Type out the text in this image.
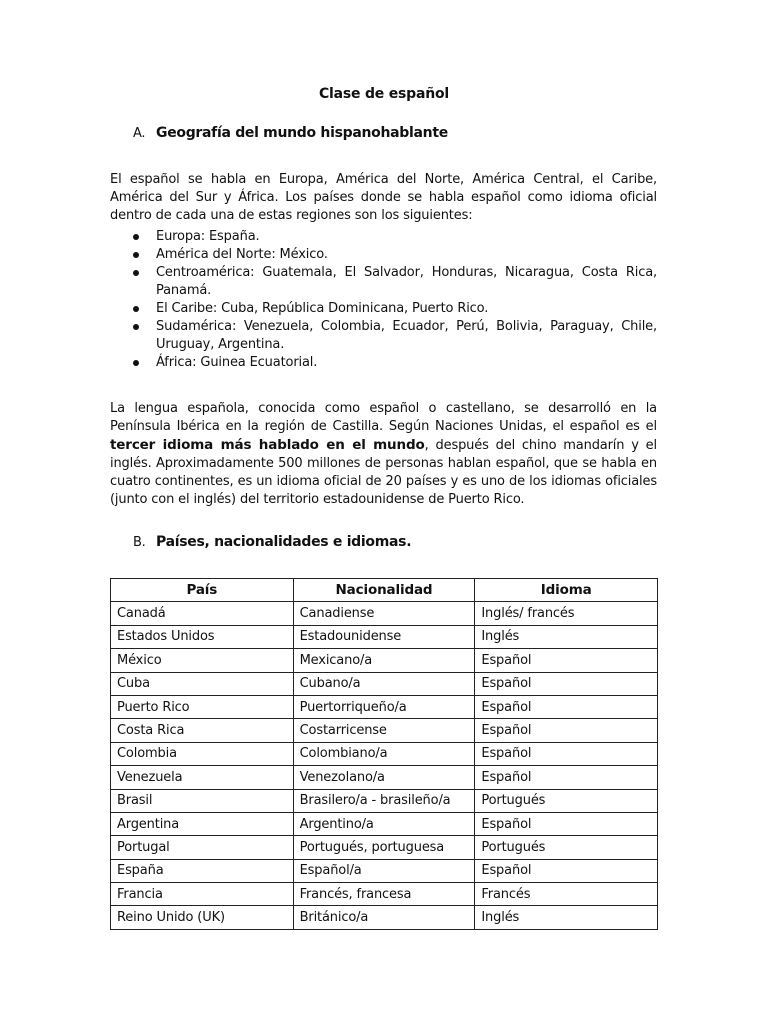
Clase de español
A. Geografía del mundo hispanohablante
El español se habla en Europa, América del Norte, América Central, el Caribe, América del Sur y África. Los países donde se habla español como idioma oficial dentro de cada una de estas regiones son los siguientes:
Europa: España.
América del Norte: México.
Centroamérica: Guatemala, El Salvador, Honduras, Nicaragua, Costa Rica, Panamá.
El Caribe: Cuba, República Dominicana, Puerto Rico.
Sudamérica: Venezuela, Colombia, Ecuador, Perú, Bolivia, Paraguay, Chile, Uruguay, Argentina.
África: Guinea Ecuatorial.
La lengua española, conocida como español o castellano, se desarrolló en la Península Ibérica en la región de Castilla. Según Naciones Unidas, el español es el tercer idioma más hablado en el mundo, después del chino mandarín y el inglés. Aproximadamente 500 millones de personas hablan español, que se habla en cuatro continentes, es un idioma oficial de 20 países y es uno de los idiomas oficiales (junto con el inglés) del territorio estadounidense de Puerto Rico.
B. Países, nacionalidades e idiomas.
País	Nacionalidad	Idioma
Canadá	Canadiense	Inglés/ francés
Estados Unidos	Estadounidense	Inglés
México	Mexicano/a	Español
Cuba	Cubano/a	Español
Puerto Rico	Puertorriqueño/a	Español
Costa Rica	Costarricense	Español
Colombia	Colombiano/a	Español
Venezuela	Venezolano/a	Español
Brasil	Brasilero/a - brasileño/a	Portugués
Argentina	Argentino/a	Español
Portugal	Portugués, portuguesa	Portugués
España	Español/a	Español
Francia	Francés, francesa	Francés
Reino Unido (UK)	Británico/a	Inglés
